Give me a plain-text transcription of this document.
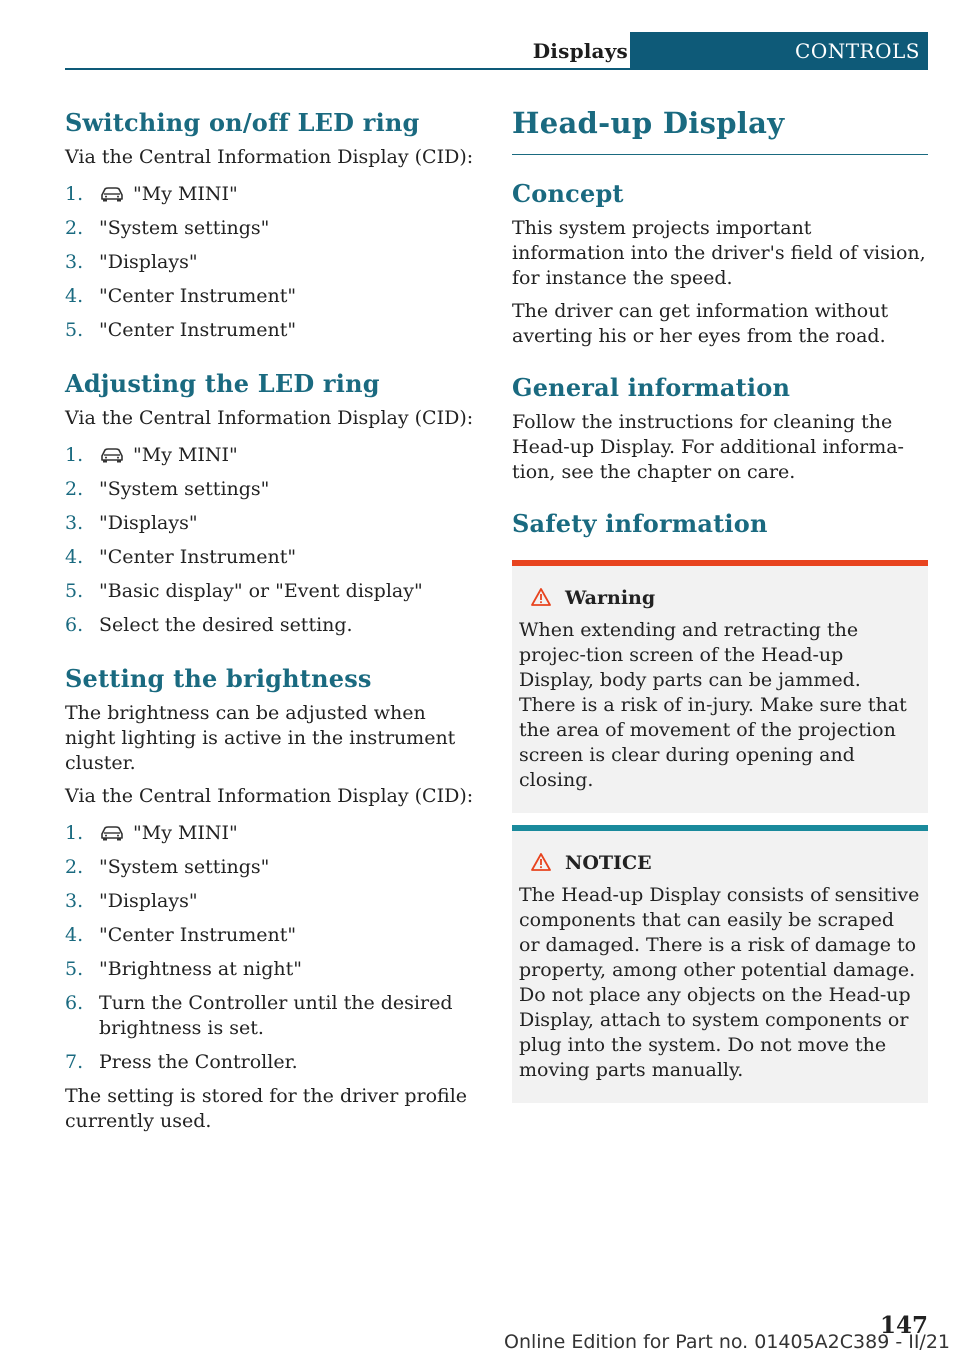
Displays	CONTROLS
Switching on/off LED ring

Via the Central Information Display (CID):

1.	"My MINI"
2. "System settings"
3. "Displays"
4. "Center Instrument"
5. "Center Instrument"
Adjusting the LED ring

Via the Central Information Display (CID):

1.	"My MINI"
2. "System settings"
3. "Displays"
4. "Center Instrument"
5. "Basic display" or "Event display"
6. Select the desired setting.
Setting the brightness

The brightness can be adjusted when night lighting is active in the instrument cluster.

Via the Central Information Display (CID):

1.	"My MINI"
2. "System settings"
3. "Displays"
4. "Center Instrument"
5. "Brightness at night"
6. Turn the Controller until the desired brightness is set.
7. Press the Controller.

The setting is stored for the driver profile currently used.

Head-up Display
Concept

This system projects important information into the driver's field of vision, for instance the speed.

The driver can get information without averting his or her eyes from the road.

General information

Follow the instructions for cleaning the Head-up Display. For additional informa‐tion, see the chapter on care.

Safety information
Warning

When extending and retracting the projec‐tion screen of the Head-up Display, body parts can be jammed. There is a risk of in‐jury. Make sure that the area of movement of the projection screen is clear during opening and closing.

NOTICE

The Head-up Display consists of sensitive components that can easily be scraped or damaged. There is a risk of damage to property, among other potential damage. Do not place any objects on the Head-up Display, attach to system components or plug into the system. Do not move the moving parts manually.

147
Online Edition for Part no. 01405A2C389 - II/21
